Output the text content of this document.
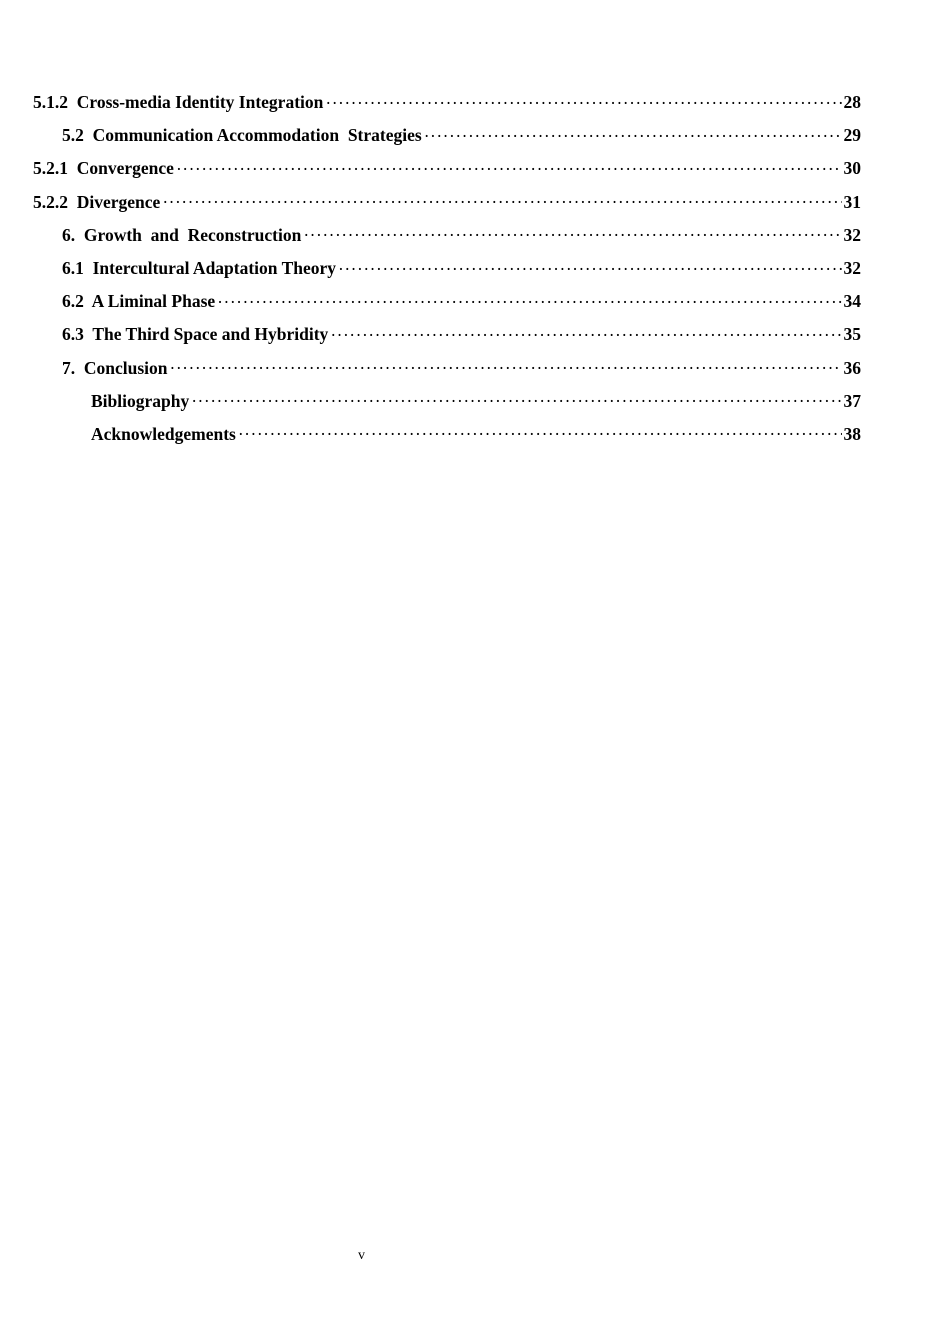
5.1.2 Cross-media Identity Integration ·····	28
5.2 Communication Accommodation  Strategies ·····	29
5.2.1 Convergence ·····	30
5.2.2 Divergence ·····	31
6. Growth  and  Reconstruction ·····	32
6.1 Intercultural Adaptation Theory ·····	32
6.2 A Liminal Phase ·····	34
6.3 The Third Space and Hybridity ·····	35
7. Conclusion ·····	36
Bibliography ·····	37
Acknowledgements ·····	38
v
